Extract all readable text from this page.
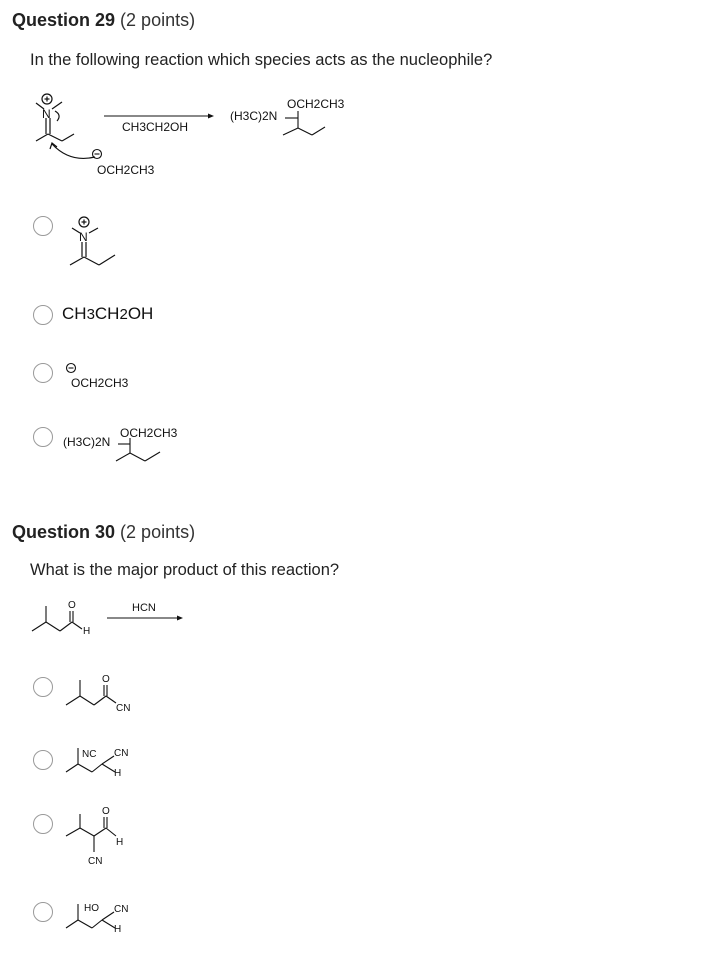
Question 29 (2 points)
In the following reaction which species acts as the nucleophile?
N
OCH2CH3
CH3CH2OH
(H3C)2N
OCH2CH3
N
CH3CH2OH
OCH2CH3
(H3C)2N
OCH2CH3
Question 30 (2 points)
What is the major product of this reaction?
O
H
HCN
O
CN
NC CN
H
O
CN
H
HO CN
H
